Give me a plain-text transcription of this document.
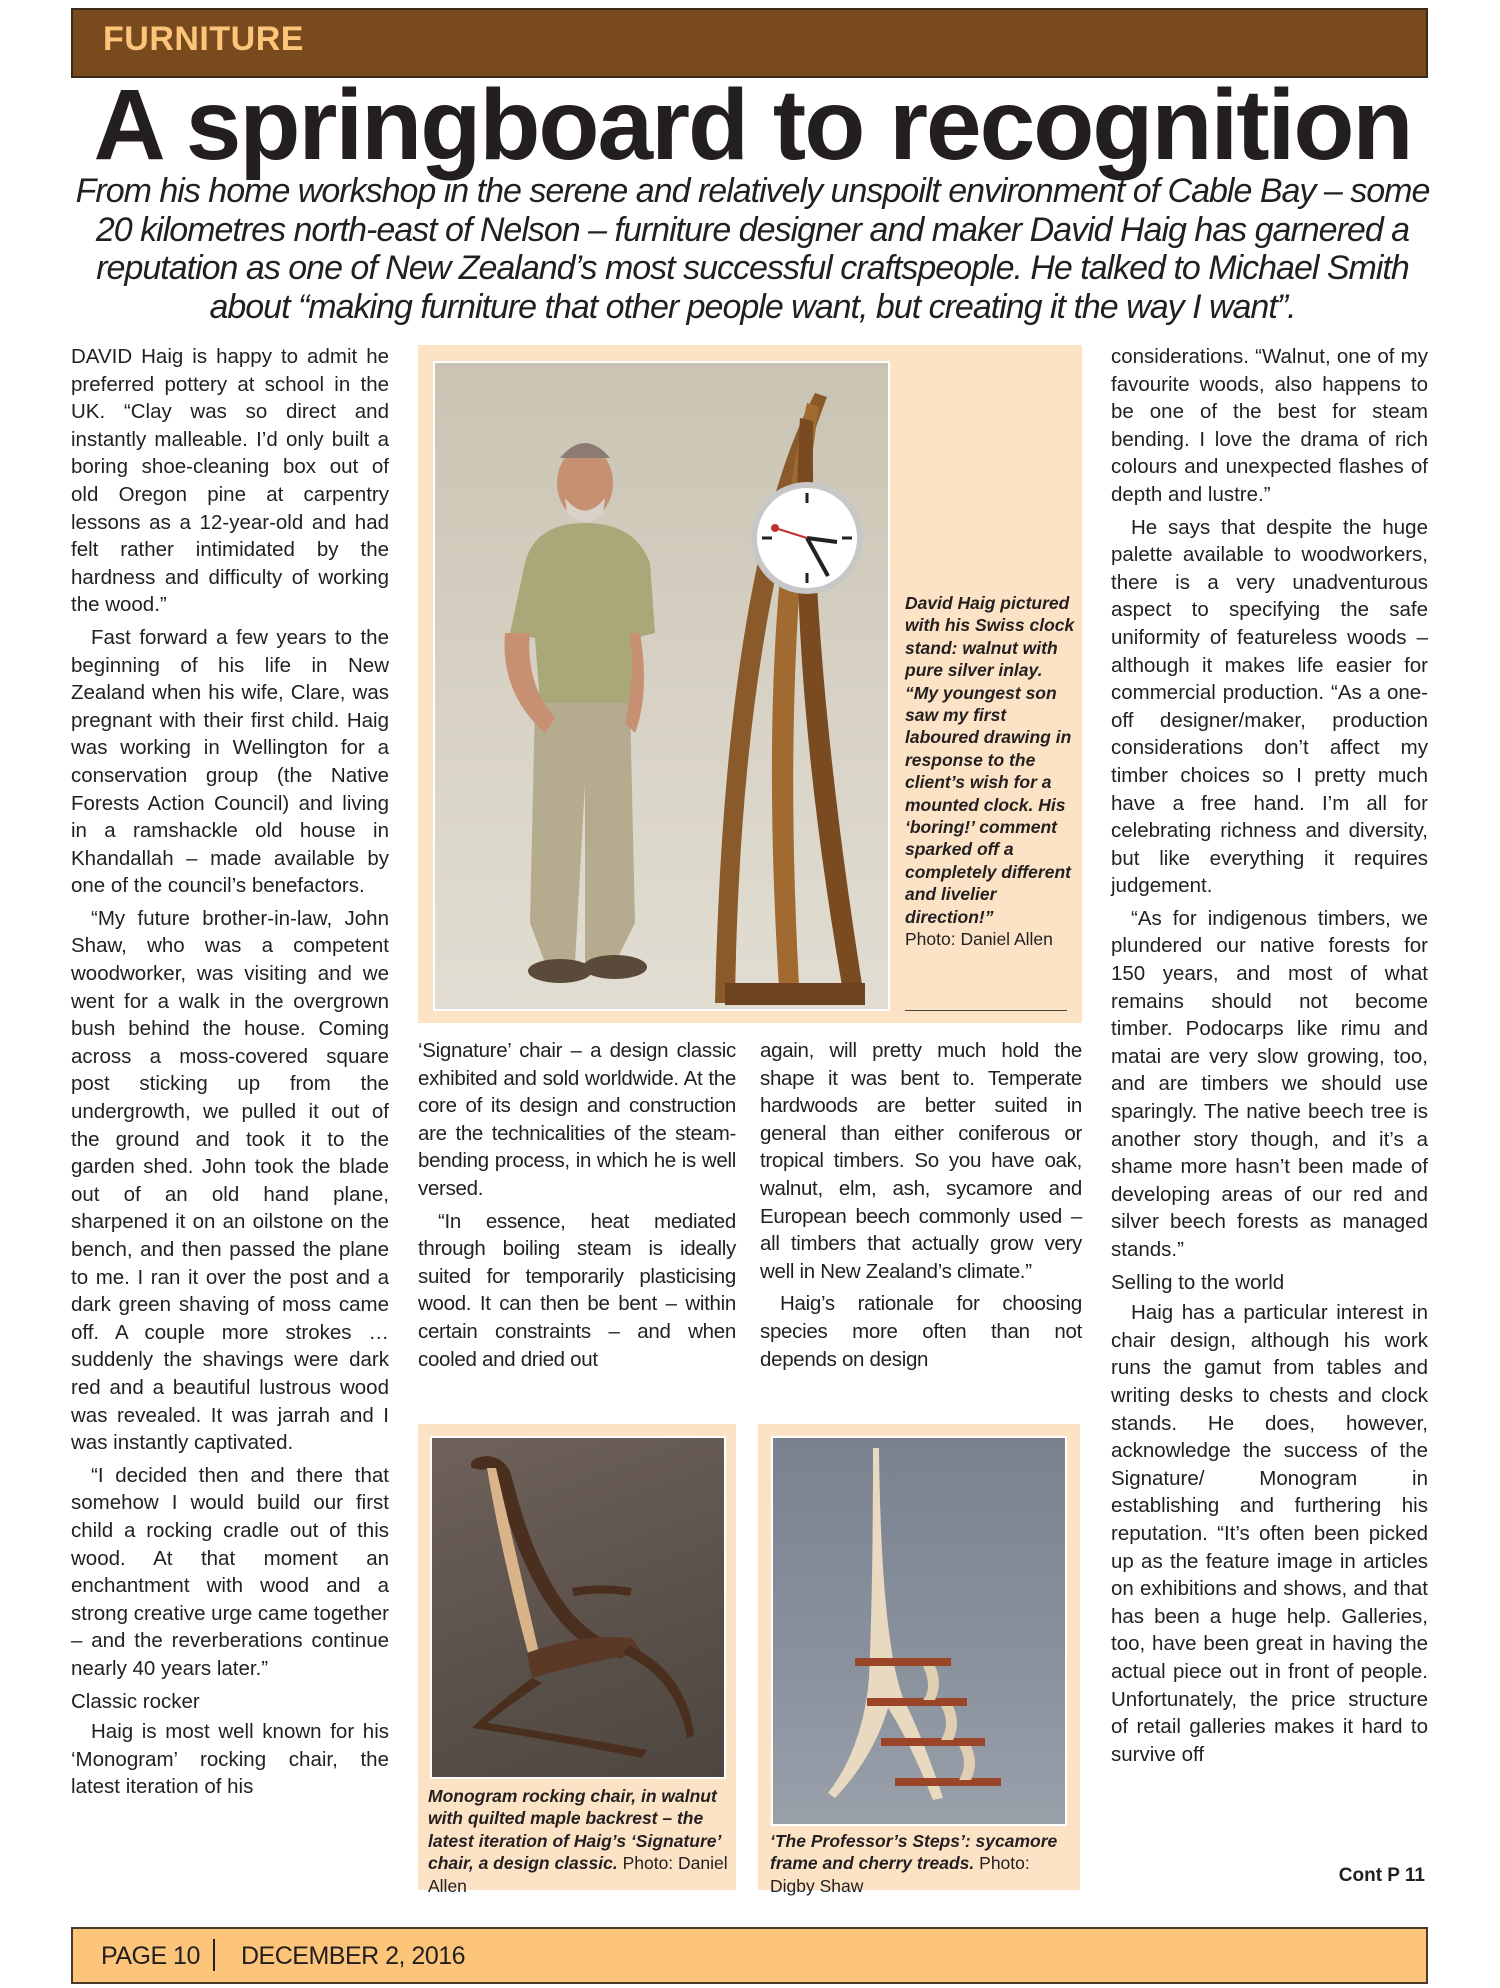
FURNITURE
A springboard to recognition
From his home workshop in the serene and relatively unspoilt environment of Cable Bay – some 20 kilometres north-east of Nelson – furniture designer and maker David Haig has garnered a reputation as one of New Zealand’s most successful craftspeople. He talked to Michael Smith about “making furniture that other people want, but creating it the way I want”.

DAVID Haig is happy to admit he preferred pottery at school in the UK. “Clay was so direct and instantly malleable. I’d only built a boring shoe-cleaning box out of old Oregon pine at carpentry lessons as a 12-year-old and had felt rather intimidated by the hardness and difficulty of working the wood.”

Fast forward a few years to the beginning of his life in New Zealand when his wife, Clare, was pregnant with their first child. Haig was working in Wellington for a conservation group (the Native Forests Action Council) and living in a ramshackle old house in Khandallah – made available by one of the council’s benefactors.

“My future brother-in-law, John Shaw, who was a competent woodworker, was visiting and we went for a walk in the overgrown bush behind the house. Coming across a moss-covered square post sticking up from the undergrowth, we pulled it out of the ground and took it to the garden shed. John took the blade out of an old hand plane, sharpened it on an oilstone on the bench, and then passed the plane to me. I ran it over the post and a dark green shaving of moss came off. A couple more strokes … suddenly the shavings were dark red and a beautiful lustrous wood was revealed. It was jarrah and I was instantly captivated.

“I decided then and there that somehow I would build our first child a rocking cradle out of this wood. At that moment an enchantment with wood and a strong creative urge came together – and the reverberations continue nearly 40 years later.”

Classic rocker

Haig is most well known for his ‘Monogram’ rocking chair, the latest iteration of his

David Haig pictured with his Swiss clock stand: walnut with pure silver inlay. “My youngest son saw my first laboured drawing in response to the client’s wish for a mounted clock. His ‘boring!’ comment sparked off a completely different and livelier direction!”
Photo: Daniel Allen

‘Signature’ chair – a design classic exhibited and sold worldwide. At the core of its design and construction are the technicalities of the steam-bending process, in which he is well versed.

“In essence, heat mediated through boiling steam is ideally suited for temporarily plasticising wood. It can then be bent – within certain constraints – and when cooled and dried out

again, will pretty much hold the shape it was bent to. Temperate hardwoods are better suited in general than either coniferous or tropical timbers. So you have oak, walnut, elm, ash, sycamore and European beech commonly used – all timbers that actually grow very well in New Zealand’s climate.”

Haig’s rationale for choosing species more often than not depends on design

Monogram rocking chair, in walnut with quilted maple backrest – the latest iteration of Haig’s ‘Signature’ chair, a design classic. Photo: Daniel Allen
‘The Professor’s Steps’: sycamore frame and cherry treads. Photo: Digby Shaw

considerations. “Walnut, one of my favourite woods, also happens to be one of the best for steam bending. I love the drama of rich colours and unexpected flashes of depth and lustre.”

He says that despite the huge palette available to woodworkers, there is a very unadventurous aspect to specifying the safe uniformity of featureless woods – although it makes life easier for commercial production. “As a one-off designer/maker, production considerations don’t affect my timber choices so I pretty much have a free hand. I’m all for celebrating richness and diversity, but like everything it requires judgement.

“As for indigenous timbers, we plundered our native forests for 150 years, and most of what remains should not become timber. Podocarps like rimu and matai are very slow growing, too, and are timbers we should use sparingly. The native beech tree is another story though, and it’s a shame more hasn’t been made of developing areas of our red and silver beech forests as managed stands.”

Selling to the world

Haig has a particular interest in chair design, although his work runs the gamut from tables and writing desks to chests and clock stands. He does, however, acknowledge the success of the Signature/ Monogram in establishing and furthering his reputation. “It’s often been picked up as the feature image in articles on exhibitions and shows, and that has been a huge help. Galleries, too, have been great in having the actual piece out in front of people. Unfortunately, the price structure of retail galleries makes it hard to survive off

Cont P 11
PAGE 10 DECEMBER 2, 2016
